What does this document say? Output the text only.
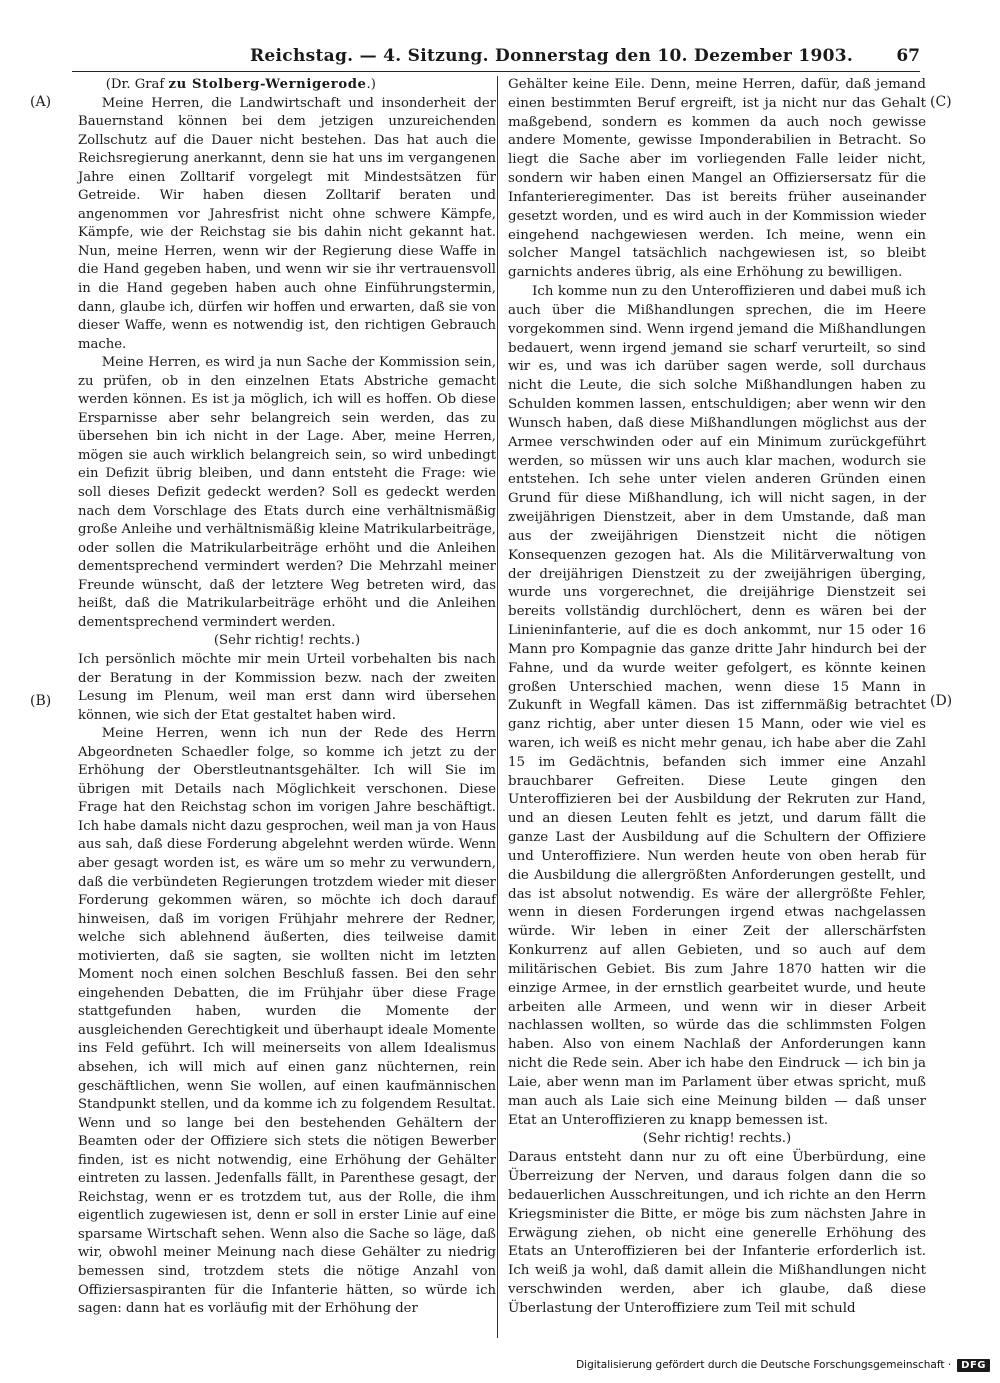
Reichstag. — 4. Sitzung. Donnerstag den 10. Dezember 1903.	67
(A)
(B)
(C)
(D)

(Dr. Graf zu Stolberg-Wernigerode.)

Meine Herren, die Landwirtschaft und insonderheit der Bauernstand können bei dem jetzigen unzureichenden Zollschutz auf die Dauer nicht bestehen. Das hat auch die Reichsregierung anerkannt, denn sie hat uns im vergangenen Jahre einen Zolltarif vorgelegt mit Mindestsätzen für Getreide. Wir haben diesen Zolltarif beraten und angenommen vor Jahresfrist nicht ohne schwere Kämpfe, Kämpfe, wie der Reichstag sie bis dahin nicht gekannt hat. Nun, meine Herren, wenn wir der Regierung diese Waffe in die Hand gegeben haben, und wenn wir sie ihr vertrauensvoll in die Hand gegeben haben auch ohne Einführungstermin, dann, glaube ich, dürfen wir hoffen und erwarten, daß sie von dieser Waffe, wenn es notwendig ist, den richtigen Gebrauch mache.

Meine Herren, es wird ja nun Sache der Kommission sein, zu prüfen, ob in den einzelnen Etats Abstriche gemacht werden können. Es ist ja möglich, ich will es hoffen. Ob diese Ersparnisse aber sehr belangreich sein werden, das zu übersehen bin ich nicht in der Lage. Aber, meine Herren, mögen sie auch wirklich belangreich sein, so wird unbedingt ein Defizit übrig bleiben, und dann entsteht die Frage: wie soll dieses Defizit gedeckt werden? Soll es gedeckt werden nach dem Vorschlage des Etats durch eine verhältnismäßig große Anleihe und verhältnismäßig kleine Matrikularbeiträge, oder sollen die Matrikularbeiträge erhöht und die Anleihen dementsprechend vermindert werden? Die Mehrzahl meiner Freunde wünscht, daß der letztere Weg betreten wird, das heißt, daß die Matrikularbeiträge erhöht und die Anleihen dementsprechend vermindert werden.

(Sehr richtig! rechts.)

Ich persönlich möchte mir mein Urteil vorbehalten bis nach der Beratung in der Kommission bezw. nach der zweiten Lesung im Plenum, weil man erst dann wird übersehen können, wie sich der Etat gestaltet haben wird.

Meine Herren, wenn ich nun der Rede des Herrn Abgeordneten Schaedler folge, so komme ich jetzt zu der Erhöhung der Oberstleutnantsgehälter. Ich will Sie im übrigen mit Details nach Möglichkeit verschonen. Diese Frage hat den Reichstag schon im vorigen Jahre beschäftigt. Ich habe damals nicht dazu gesprochen, weil man ja von Haus aus sah, daß diese Forderung abgelehnt werden würde. Wenn aber gesagt worden ist, es wäre um so mehr zu verwundern, daß die verbündeten Regierungen trotzdem wieder mit dieser Forderung gekommen wären, so möchte ich doch darauf hinweisen, daß im vorigen Frühjahr mehrere der Redner, welche sich ablehnend äußerten, dies teilweise damit motivierten, daß sie sagten, sie wollten nicht im letzten Moment noch einen solchen Beschluß fassen. Bei den sehr eingehenden Debatten, die im Frühjahr über diese Frage stattgefunden haben, wurden die Momente der ausgleichenden Gerechtigkeit und überhaupt ideale Momente ins Feld geführt. Ich will meinerseits von allem Idealismus absehen, ich will mich auf einen ganz nüchternen, rein geschäftlichen, wenn Sie wollen, auf einen kaufmännischen Standpunkt stellen, und da komme ich zu folgendem Resultat. Wenn und so lange bei den bestehenden Gehältern der Beamten oder der Offiziere sich stets die nötigen Bewerber finden, ist es nicht notwendig, eine Erhöhung der Gehälter eintreten zu lassen. Jedenfalls fällt, in Parenthese gesagt, der Reichstag, wenn er es trotzdem tut, aus der Rolle, die ihm eigentlich zugewiesen ist, denn er soll in erster Linie auf eine sparsame Wirtschaft sehen. Wenn also die Sache so läge, daß wir, obwohl meiner Meinung nach diese Gehälter zu niedrig bemessen sind, trotzdem stets die nötige Anzahl von Offiziersaspiranten für die Infanterie hätten, so würde ich sagen: dann hat es vorläufig mit der Erhöhung der

Gehälter keine Eile. Denn, meine Herren, dafür, daß jemand einen bestimmten Beruf ergreift, ist ja nicht nur das Gehalt maßgebend, sondern es kommen da auch noch gewisse andere Momente, gewisse Imponderabilien in Betracht. So liegt die Sache aber im vorliegenden Falle leider nicht, sondern wir haben einen Mangel an Offiziersersatz für die Infanterieregimenter. Das ist bereits früher auseinander gesetzt worden, und es wird auch in der Kommission wieder eingehend nachgewiesen werden. Ich meine, wenn ein solcher Mangel tatsächlich nachgewiesen ist, so bleibt garnichts anderes übrig, als eine Erhöhung zu bewilligen.

Ich komme nun zu den Unteroffizieren und dabei muß ich auch über die Mißhandlungen sprechen, die im Heere vorgekommen sind. Wenn irgend jemand die Mißhandlungen bedauert, wenn irgend jemand sie scharf verurteilt, so sind wir es, und was ich darüber sagen werde, soll durchaus nicht die Leute, die sich solche Mißhandlungen haben zu Schulden kommen lassen, entschuldigen; aber wenn wir den Wunsch haben, daß diese Mißhandlungen möglichst aus der Armee verschwinden oder auf ein Minimum zurückgeführt werden, so müssen wir uns auch klar machen, wodurch sie entstehen. Ich sehe unter vielen anderen Gründen einen Grund für diese Mißhandlung, ich will nicht sagen, in der zweijährigen Dienstzeit, aber in dem Umstande, daß man aus der zweijährigen Dienstzeit nicht die nötigen Konsequenzen gezogen hat. Als die Militärverwaltung von der dreijährigen Dienstzeit zu der zweijährigen überging, wurde uns vorgerechnet, die dreijährige Dienstzeit sei bereits vollständig durchlöchert, denn es wären bei der Linieninfanterie, auf die es doch ankommt, nur 15 oder 16 Mann pro Kompagnie das ganze dritte Jahr hindurch bei der Fahne, und da wurde weiter gefolgert, es könnte keinen großen Unterschied machen, wenn diese 15 Mann in Zukunft in Wegfall kämen. Das ist ziffernmäßig betrachtet ganz richtig, aber unter diesen 15 Mann, oder wie viel es waren, ich weiß es nicht mehr genau, ich habe aber die Zahl 15 im Gedächtnis, befanden sich immer eine Anzahl brauchbarer Gefreiten. Diese Leute gingen den Unteroffizieren bei der Ausbildung der Rekruten zur Hand, und an diesen Leuten fehlt es jetzt, und darum fällt die ganze Last der Ausbildung auf die Schultern der Offiziere und Unteroffiziere. Nun werden heute von oben herab für die Ausbildung die allergrößten Anforderungen gestellt, und das ist absolut notwendig. Es wäre der allergrößte Fehler, wenn in diesen Forderungen irgend etwas nachgelassen würde. Wir leben in einer Zeit der allerschärfsten Konkurrenz auf allen Gebieten, und so auch auf dem militärischen Gebiet. Bis zum Jahre 1870 hatten wir die einzige Armee, in der ernstlich gearbeitet wurde, und heute arbeiten alle Armeen, und wenn wir in dieser Arbeit nachlassen wollten, so würde das die schlimmsten Folgen haben. Also von einem Nachlaß der Anforderungen kann nicht die Rede sein. Aber ich habe den Eindruck — ich bin ja Laie, aber wenn man im Parlament über etwas spricht, muß man auch als Laie sich eine Meinung bilden — daß unser Etat an Unteroffizieren zu knapp bemessen ist.

(Sehr richtig! rechts.)

Daraus entsteht dann nur zu oft eine Überbürdung, eine Überreizung der Nerven, und daraus folgen dann die so bedauerlichen Ausschreitungen, und ich richte an den Herrn Kriegsminister die Bitte, er möge bis zum nächsten Jahre in Erwägung ziehen, ob nicht eine generelle Erhöhung des Etats an Unteroffizieren bei der Infanterie erforderlich ist. Ich weiß ja wohl, daß damit allein die Mißhandlungen nicht verschwinden werden, aber ich glaube, daß diese Überlastung der Unteroffiziere zum Teil mit schuld

Digitalisierung gefördert durch die Deutsche Forschungsgemeinschaft ·	DFG
